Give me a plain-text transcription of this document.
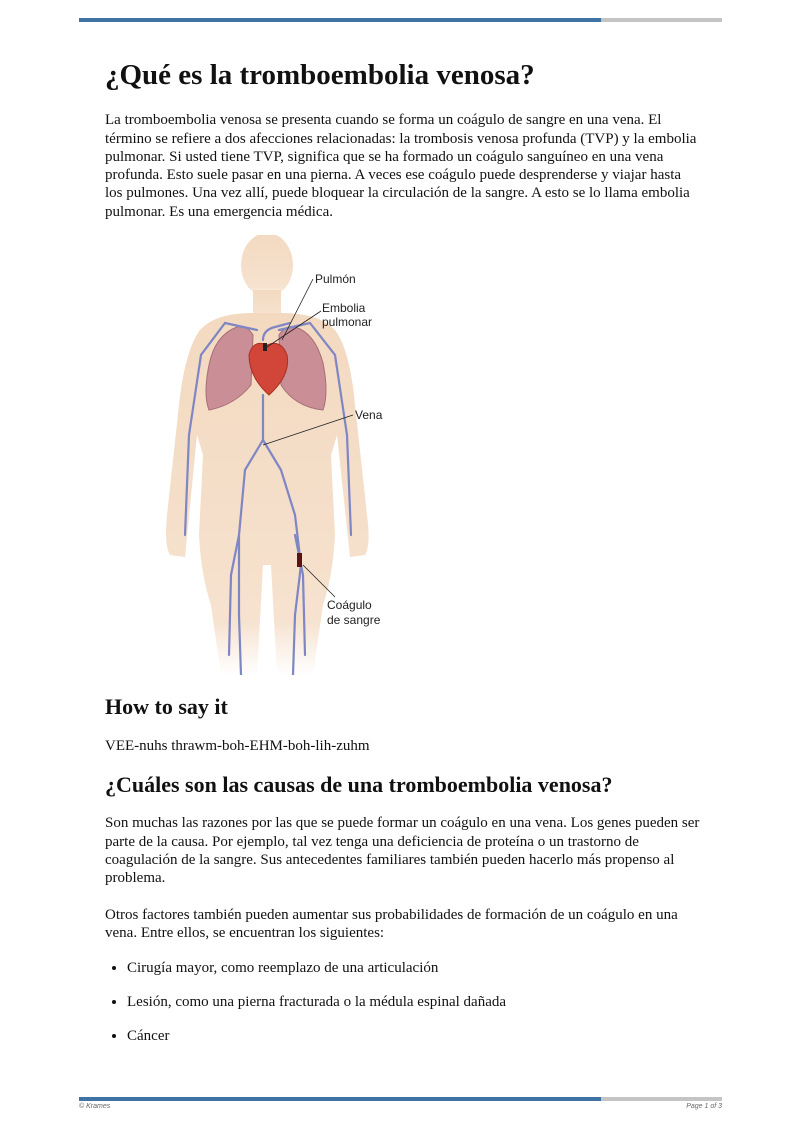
¿Qué es la tromboembolia venosa?

La tromboembolia venosa se presenta cuando se forma un coágulo de sangre en una vena. El término se refiere a dos afecciones relacionadas: la trombosis venosa profunda (TVP) y la embolia pulmonar. Si usted tiene TVP, significa que se ha formado un coágulo sanguíneo en una vena profunda. Esto suele pasar en una pierna. A veces ese coágulo puede desprenderse y viajar hasta los pulmones. Una vez allí, puede bloquear la circulación de la sangre. A esto se lo llama embolia pulmonar. Es una emergencia médica.

Pulmón
Embolia
pulmonar
Vena
Coágulo
de sangre
How to say it

VEE-nuhs thrawm-boh-EHM-boh-lih-zuhm

¿Cuáles son las causas de una tromboembolia venosa?

Son muchas las razones por las que se puede formar un coágulo en una vena. Los genes pueden ser parte de la causa. Por ejemplo, tal vez tenga una deficiencia de proteína o un trastorno de coagulación de la sangre. Sus antecedentes familiares también pueden hacerlo más propenso al problema.

Otros factores también pueden aumentar sus probabilidades de formación de un coágulo en una vena. Entre ellos, se encuentran los siguientes:

• Cirugía mayor, como reemplazo de una articulación
• Lesión, como una pierna fracturada o la médula espinal dañada
• Cáncer
© Krames	Page 1 of 3
